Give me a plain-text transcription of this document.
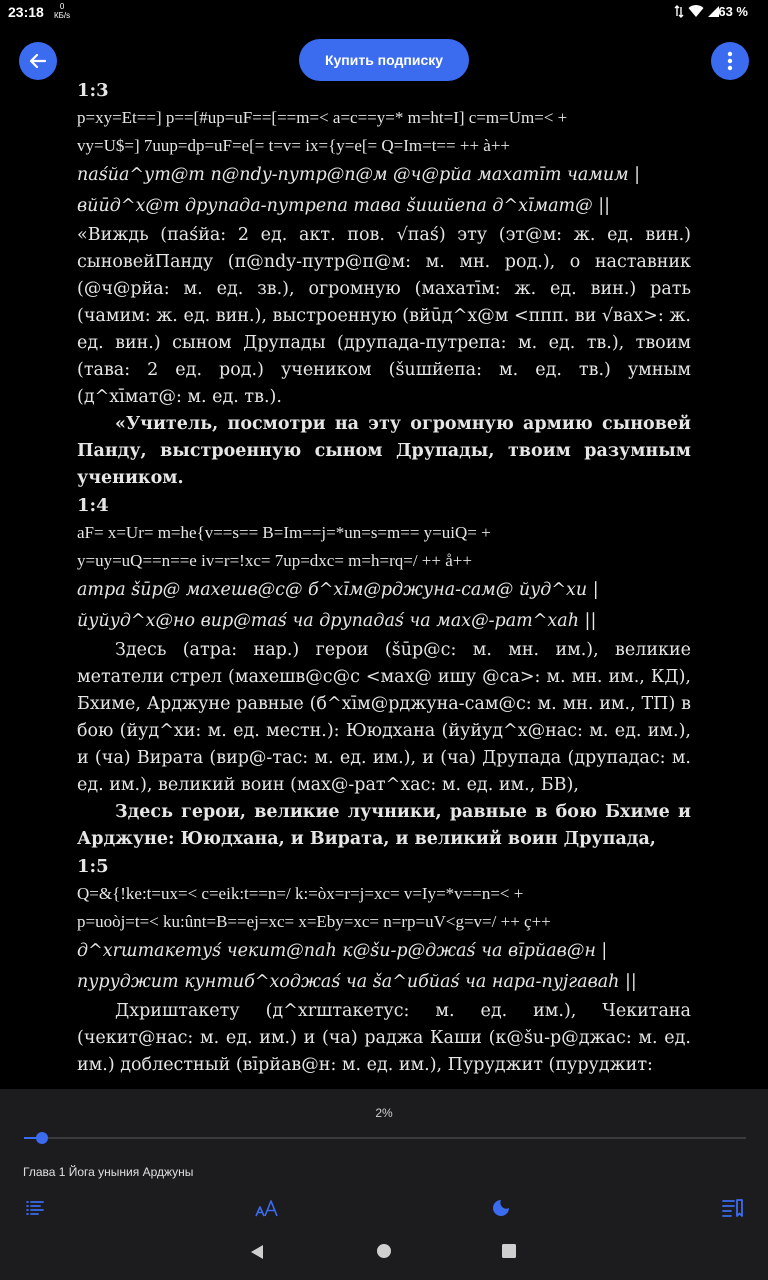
23:18	0
КБ/s
	63 %
Купить подписку

1:3

p=xy=Et==] p==[#up=uF==[==m=< a=c==y=* m=ht=I] c=m=Um=< +

vy=U$=] 7uup=dp=uF=e[= t=v= ix={y=e[= Q=Im=t== ++ à++

паśйа^ут@т п@ndy-путр@п@м @ч@рйа махатīт чамим |

вйūд^x@т друпада-путрепа тава šuшйепа д^xīмат@ ||

«Виждь (паśйа: 2 ед. акт. пов. √паś) эту (эт@м: ж. ед. вин.) сыновейПанду (п@ndy-путр@п@м: м. мн. род.), о наставник (@ч@рйа: м. ед. зв.), огромную (махатīм: ж. ед. вин.) рать (чамим: ж. ед. вин.), выстроенную (вйūд^x@м <ппп. ви √вах>: ж. ед. вин.) сыном Друпады (друпада-путрепа: м. ед. тв.), твоим (тава: 2 ед. род.) учеником (šuшйепа: м. ед. тв.) умным (д^xīмат@: м. ед. тв.).

«Учитель, посмотри на эту огромную армию сыновей Панду, выстроенную сыном Друпады, твоим разумным учеником.

1:4

aF= x=Ur= m=he{v==s== B=Im==j=*un=s=m== y=uiQ= +

y=uy=uQ==n==e iv=r=!xc= 7up=dxc= m=h=rq=/ ++ å++

атра šūр@ махешв@с@ б^xīм@рджуна-сам@ йуд^xи |

йуйуд^x@но вир@таś ча друпадаś ча мах@-рат^xаh ||

Здесь (атра: нар.) герои (šūр@с: м. мн. им.), великие метатели стрел (махешв@с@с <мах@ ишу @са>: м. мн. им., КД), Бхиме, Арджуне равные (б^xīм@рджуна-сам@с: м. мн. им., ТП) в бою (йуд^xи: м. ед. местн.): Ююдхана (йуйуд^x@нас: м. ед. им.), и (ча) Вирата (вир@-тас: м. ед. им.), и (ча) Друпада (друпадас: м. ед. им.), великий воин (мах@-рат^xас: м. ед. им., БВ),

Здесь герои, великие лучники, равные в бою Бхиме и Арджуне: Ююдхана, и Вирата, и великий воин Друпада,

1:5

Q=&{!ke:t=ux=< c=eik:t==n=/ k:=òx=r=j=xc= v=Iy=*v==n=< +

p=uoòj=t=< ku:ûnt=B==ej=xc= x=Eby=xc= n=rp=uV<g=v=/ ++ ç++

д^xrштакетуś чекит@паh к@šu-р@джаś ча вīрйав@н |

пуруджит кунтиб^xоджаś ча šа^uбйаś ча нара-пуjгаваh ||

Дхриштакету (д^xrштакетус: м. ед. им.), Чекитана (чекит@нас: м. ед. им.) и (ча) раджа Каши (к@šu-р@джас: м. ед. им.) доблестный (вīрйав@н: м. ед. им.), Пуруджит (пуруджит:

2%
Глава 1 Йога уныния Арджуны
